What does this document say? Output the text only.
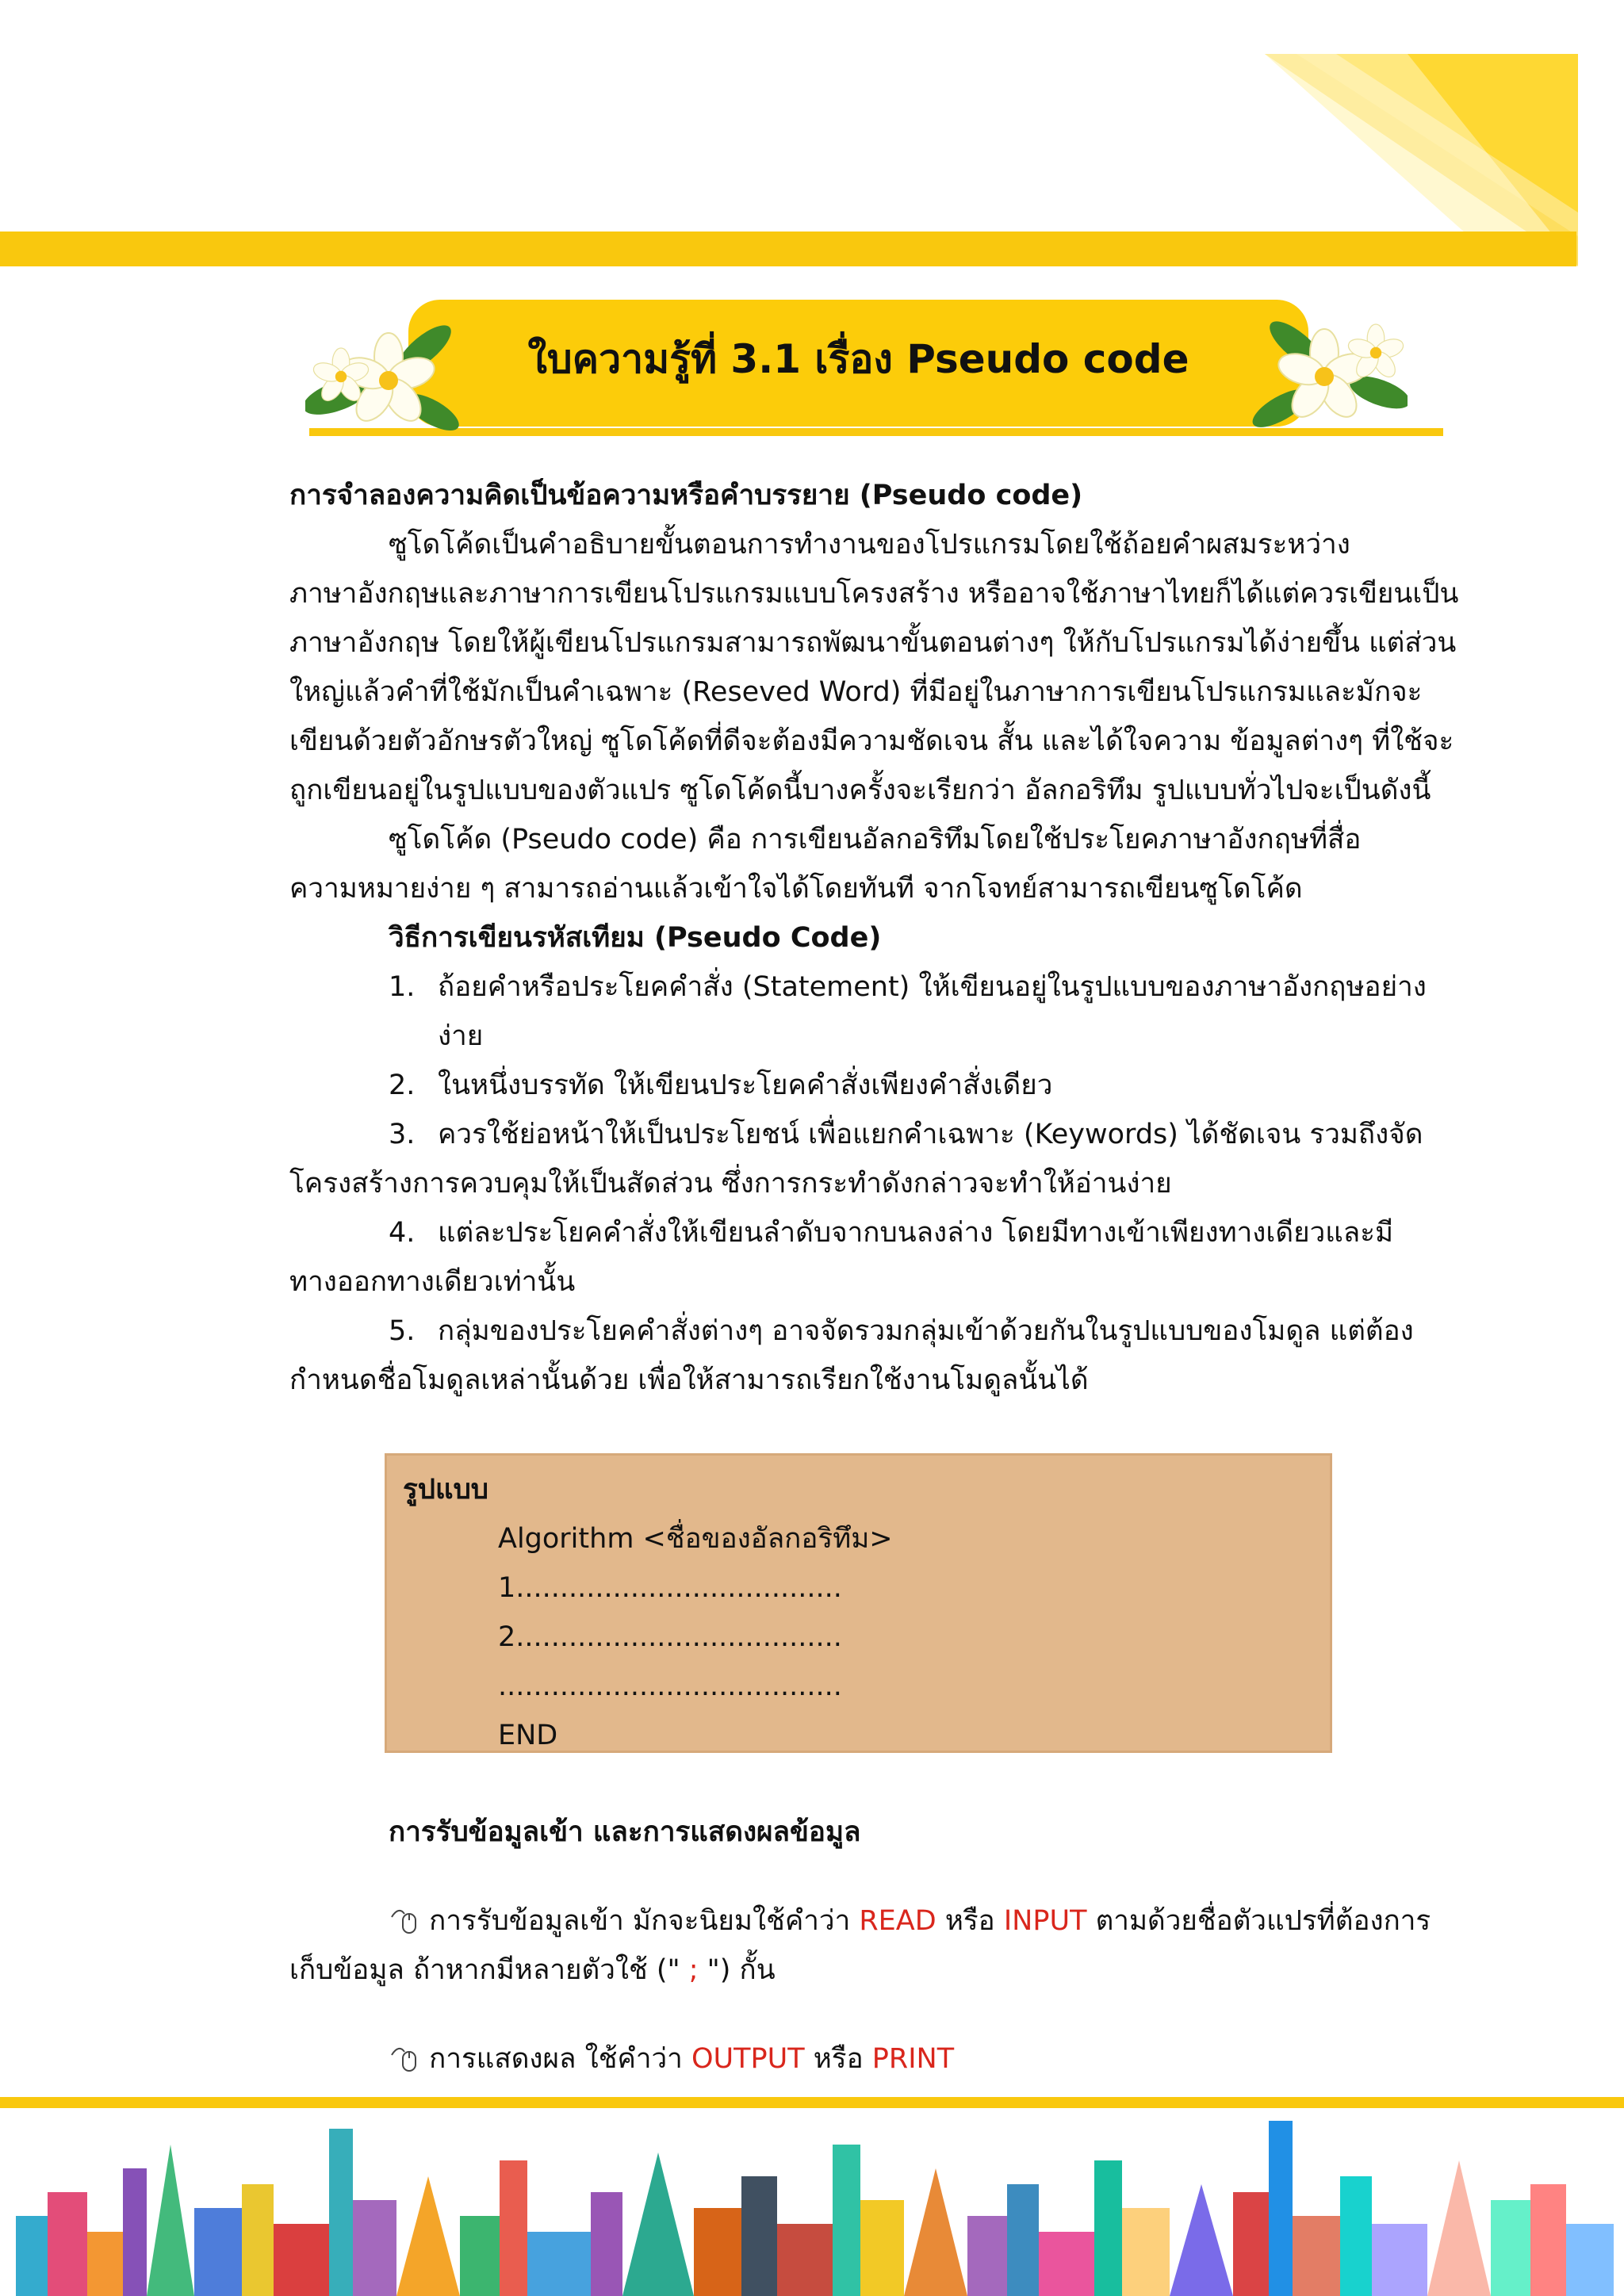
ใบความรู้ที่ 3.1 เรื่อง Pseudo code
การจำลองความคิดเป็นข้อความหรือคำบรรยาย (Pseudo code)
ซูโดโค้ดเป็นคำอธิบายขั้นตอนการทำงานของโปรแกรมโดยใช้ถ้อยคำผสมระหว่าง
ภาษาอังกฤษและภาษาการเขียนโปรแกรมแบบโครงสร้าง หรืออาจใช้ภาษาไทยก็ได้แต่ควรเขียนเป็น
ภาษาอังกฤษ โดยให้ผู้เขียนโปรแกรมสามารถพัฒนาขั้นตอนต่างๆ ให้กับโปรแกรมได้ง่ายขึ้น แต่ส่วน
ใหญ่แล้วคำที่ใช้มักเป็นคำเฉพาะ (Reseved Word) ที่มีอยู่ในภาษาการเขียนโปรแกรมและมักจะ
เขียนด้วยตัวอักษรตัวใหญ่ ซูโดโค้ดที่ดีจะต้องมีความชัดเจน สั้น และได้ใจความ ข้อมูลต่างๆ ที่ใช้จะ
ถูกเขียนอยู่ในรูปแบบของตัวแปร ซูโดโค้ดนี้บางครั้งจะเรียกว่า อัลกอริทึม รูปแบบทั่วไปจะเป็นดังนี้
ซูโดโค้ด (Pseudo code) คือ การเขียนอัลกอริทึมโดยใช้ประโยคภาษาอังกฤษที่สื่อ
ความหมายง่าย ๆ สามารถอ่านแล้วเข้าใจได้โดยทันที จากโจทย์สามารถเขียนซูโดโค้ด
วิธีการเขียนรหัสเทียม (Pseudo Code)
1. ถ้อยคำหรือประโยคคำสั่ง (Statement) ให้เขียนอยู่ในรูปแบบของภาษาอังกฤษอย่าง
ง่าย
2. ในหนึ่งบรรทัด ให้เขียนประโยคคำสั่งเพียงคำสั่งเดียว
3. ควรใช้ย่อหน้าให้เป็นประโยชน์ เพื่อแยกคำเฉพาะ (Keywords) ได้ชัดเจน รวมถึงจัด
โครงสร้างการควบคุมให้เป็นสัดส่วน ซึ่งการกระทำดังกล่าวจะทำให้อ่านง่าย
4. แต่ละประโยคคำสั่งให้เขียนลำดับจากบนลงล่าง โดยมีทางเข้าเพียงทางเดียวและมี
ทางออกทางเดียวเท่านั้น
5. กลุ่มของประโยคคำสั่งต่างๆ อาจจัดรวมกลุ่มเข้าด้วยกันในรูปแบบของโมดูล แต่ต้อง
กำหนดชื่อโมดูลเหล่านั้นด้วย เพื่อให้สามารถเรียกใช้งานโมดูลนั้นได้
รูปแบบ
Algorithm <ชื่อของอัลกอริทึม>
1.....................................
2.....................................
.......................................
END
การรับข้อมูลเข้า และการแสดงผลข้อมูล
การรับข้อมูลเข้า มักจะนิยมใช้คำว่า READ หรือ INPUT ตามด้วยชื่อตัวแปรที่ต้องการ
เก็บข้อมูล ถ้าหากมีหลายตัวใช้ (" ; ") กั้น
การแสดงผล ใช้คำว่า OUTPUT หรือ PRINT
